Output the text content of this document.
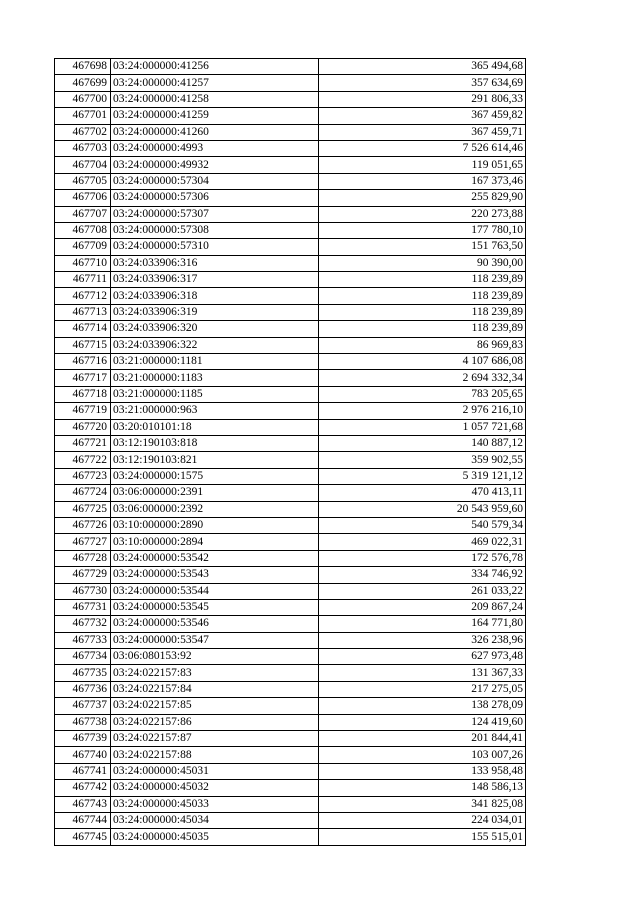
467698	03:24:000000:41256	365 494,68
467699	03:24:000000:41257	357 634,69
467700	03:24:000000:41258	291 806,33
467701	03:24:000000:41259	367 459,82
467702	03:24:000000:41260	367 459,71
467703	03:24:000000:4993	7 526 614,46
467704	03:24:000000:49932	119 051,65
467705	03:24:000000:57304	167 373,46
467706	03:24:000000:57306	255 829,90
467707	03:24:000000:57307	220 273,88
467708	03:24:000000:57308	177 780,10
467709	03:24:000000:57310	151 763,50
467710	03:24:033906:316	90 390,00
467711	03:24:033906:317	118 239,89
467712	03:24:033906:318	118 239,89
467713	03:24:033906:319	118 239,89
467714	03:24:033906:320	118 239,89
467715	03:24:033906:322	86 969,83
467716	03:21:000000:1181	4 107 686,08
467717	03:21:000000:1183	2 694 332,34
467718	03:21:000000:1185	783 205,65
467719	03:21:000000:963	2 976 216,10
467720	03:20:010101:18	1 057 721,68
467721	03:12:190103:818	140 887,12
467722	03:12:190103:821	359 902,55
467723	03:24:000000:1575	5 319 121,12
467724	03:06:000000:2391	470 413,11
467725	03:06:000000:2392	20 543 959,60
467726	03:10:000000:2890	540 579,34
467727	03:10:000000:2894	469 022,31
467728	03:24:000000:53542	172 576,78
467729	03:24:000000:53543	334 746,92
467730	03:24:000000:53544	261 033,22
467731	03:24:000000:53545	209 867,24
467732	03:24:000000:53546	164 771,80
467733	03:24:000000:53547	326 238,96
467734	03:06:080153:92	627 973,48
467735	03:24:022157:83	131 367,33
467736	03:24:022157:84	217 275,05
467737	03:24:022157:85	138 278,09
467738	03:24:022157:86	124 419,60
467739	03:24:022157:87	201 844,41
467740	03:24:022157:88	103 007,26
467741	03:24:000000:45031	133 958,48
467742	03:24:000000:45032	148 586,13
467743	03:24:000000:45033	341 825,08
467744	03:24:000000:45034	224 034,01
467745	03:24:000000:45035	155 515,01
